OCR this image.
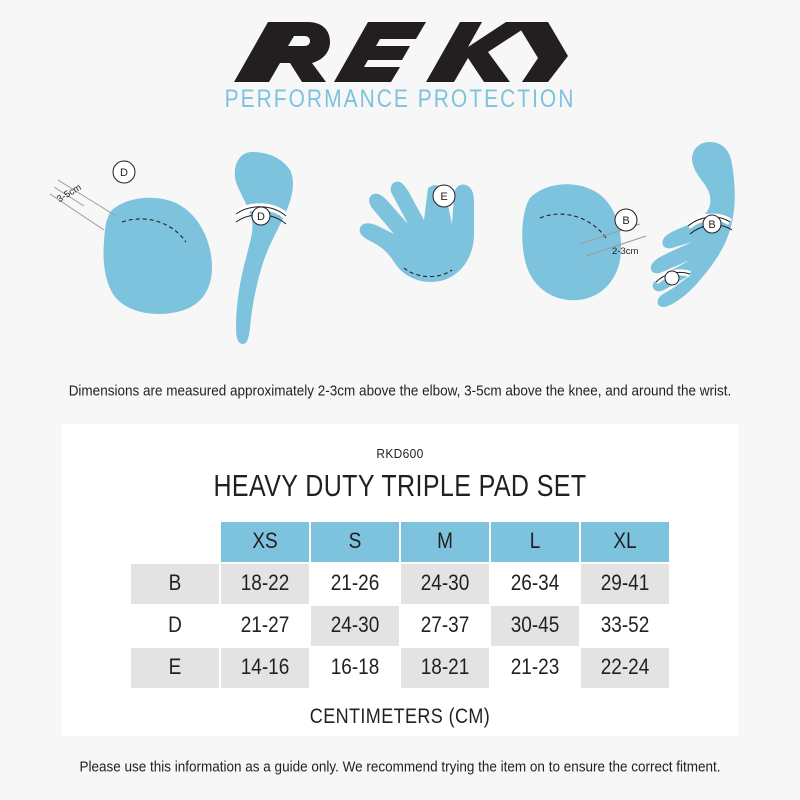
PERFORMANCE PROTECTION
3-5cm
D
D
E
2-3cm
B	B
Dimensions are measured approximately 2-3cm above the elbow, 3-5cm above the knee, and around the wrist.
RKD600
HEAVY DUTY TRIPLE PAD SET
	XS	S	M	L	XL
B	18-22	21-26	24-30	26-34	29-41
D	21-27	24-30	27-37	30-45	33-52
E	14-16	16-18	18-21	21-23	22-24
CENTIMETERS (CM)
Please use this information as a guide only. We recommend trying the item on to ensure the correct fitment.
